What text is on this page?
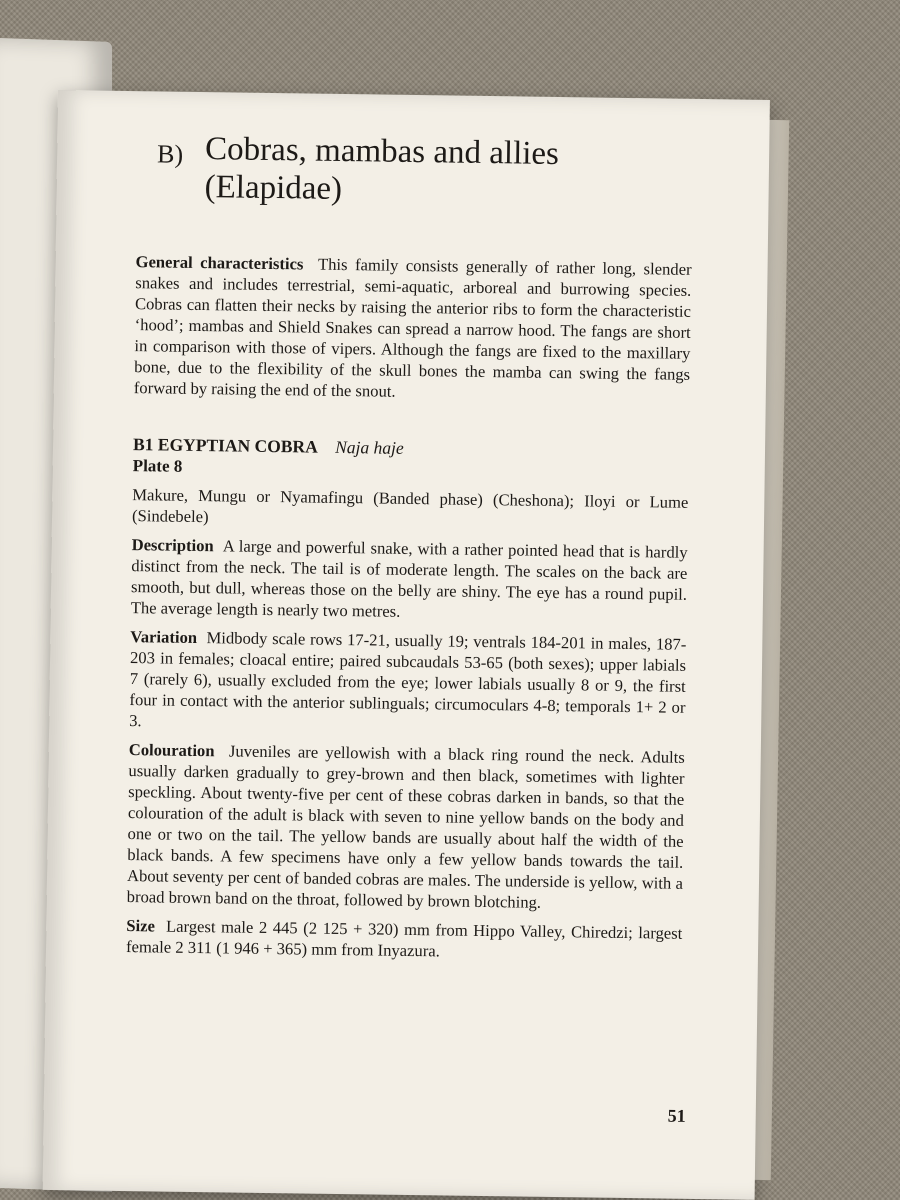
B) Cobras, mambas and allies (Elapidae)

General characteristics This family consists generally of rather long, slender snakes and includes terrestrial, semi-aquatic, arboreal and burrowing species. Cobras can flatten their necks by raising the anterior ribs to form the characteristic ‘hood’; mambas and Shield Snakes can spread a narrow hood. The fangs are short in comparison with those of vipers. Although the fangs are fixed to the maxillary bone, due to the flexibility of the skull bones the mamba can swing the fangs forward by raising the end of the snout.

B1 EGYPTIAN COBRA Naja haje

Plate 8

Makure, Mungu or Nyamafingu (Banded phase) (Cheshona); Iloyi or Lume (Sindebele)

Description A large and powerful snake, with a rather pointed head that is hardly distinct from the neck. The tail is of moderate length. The scales on the back are smooth, but dull, whereas those on the belly are shiny. The eye has a round pupil. The average length is nearly two metres.

Variation Midbody scale rows 17-21, usually 19; ventrals 184-201 in males, 187-203 in females; cloacal entire; paired subcaudals 53-65 (both sexes); upper labials 7 (rarely 6), usually excluded from the eye; lower labials usually 8 or 9, the first four in contact with the anterior sublinguals; circumoculars 4-8; temporals 1+ 2 or 3.

Colouration Juveniles are yellowish with a black ring round the neck. Adults usually darken gradually to grey-brown and then black, sometimes with lighter speckling. About twenty-five per cent of these cobras darken in bands, so that the colouration of the adult is black with seven to nine yellow bands on the body and one or two on the tail. The yellow bands are usually about half the width of the black bands. A few specimens have only a few yellow bands towards the tail. About seventy per cent of banded cobras are males. The underside is yellow, with a broad brown band on the throat, followed by brown blotching.

Size Largest male 2 445 (2 125 + 320) mm from Hippo Valley, Chiredzi; largest female 2 311 (1 946 + 365) mm from Inyazura.

51
